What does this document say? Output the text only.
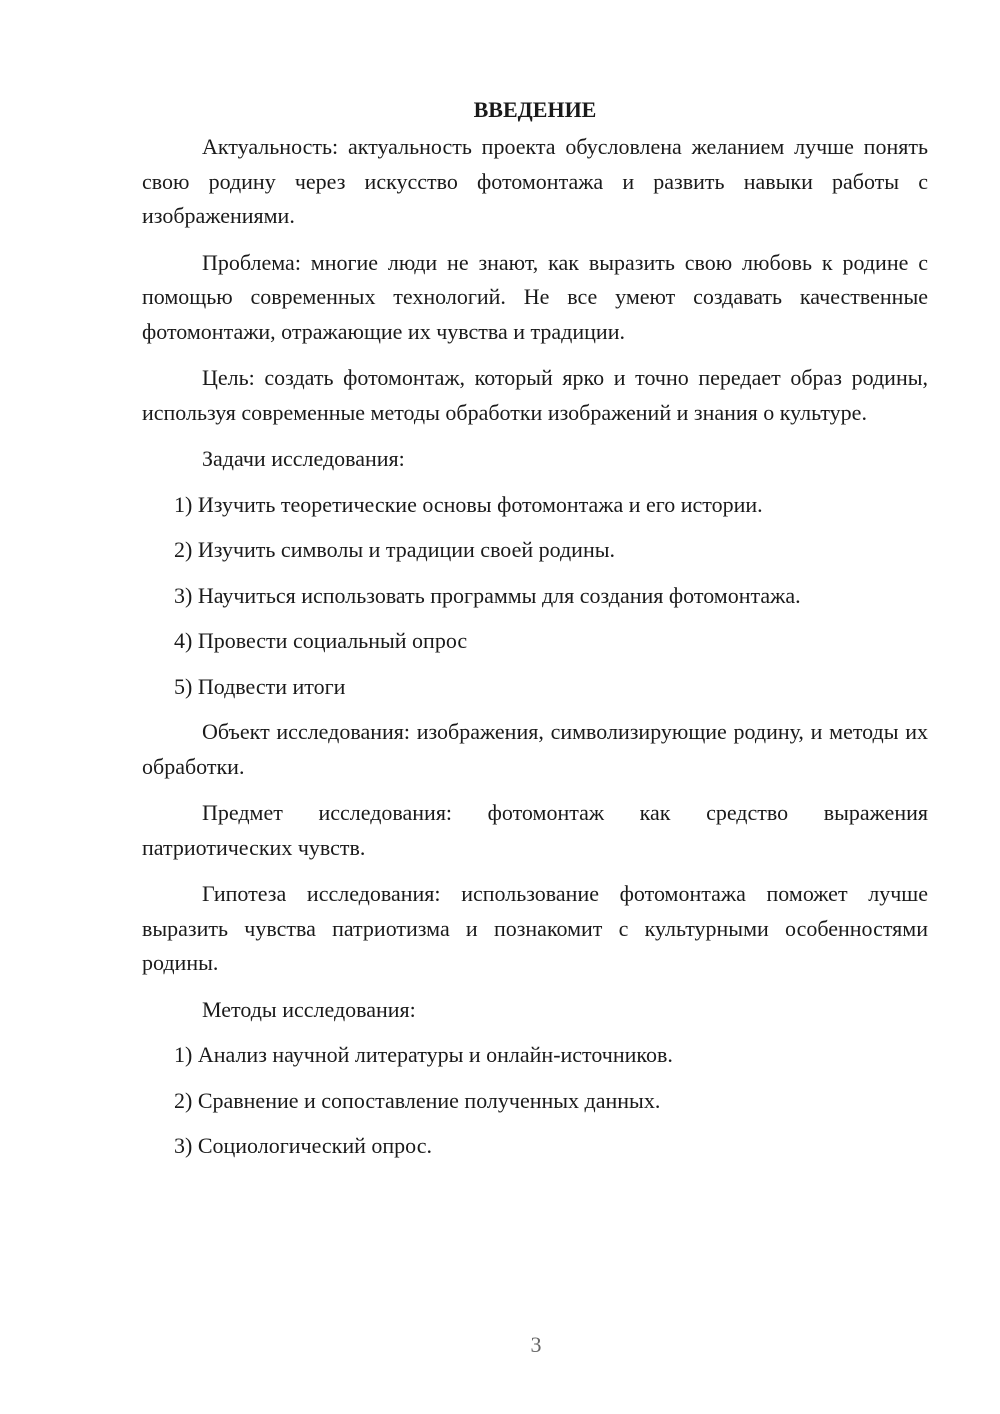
ВВЕДЕНИЕ

Актуальность: актуальность проекта обусловлена желанием лучше понять свою родину через искусство фотомонтажа и развить навыки работы с изображениями.

Проблема: многие люди не знают, как выразить свою любовь к родине с помощью современных технологий. Не все умеют создавать качественные фотомонтажи, отражающие их чувства и традиции.

Цель: создать фотомонтаж, который ярко и точно передает образ родины, используя современные методы обработки изображений и знания о культуре.

Задачи исследования:
1) Изучить теоретические основы фотомонтажа и его истории.
2) Изучить символы и традиции своей родины.
3) Научиться использовать программы для создания фотомонтажа.
4) Провести социальный опрос
5) Подвести итоги

Объект исследования: изображения, символизирующие родину, и методы их обработки.

Предмет исследования: фотомонтаж как средство выражения патриотических чувств.

Гипотеза исследования: использование фотомонтажа поможет лучше выразить чувства патриотизма и познакомит с культурными особенностями родины.

Методы исследования:
1) Анализ научной литературы и онлайн-источников.
2) Сравнение и сопоставление полученных данных.
3) Социологический опрос.
3
